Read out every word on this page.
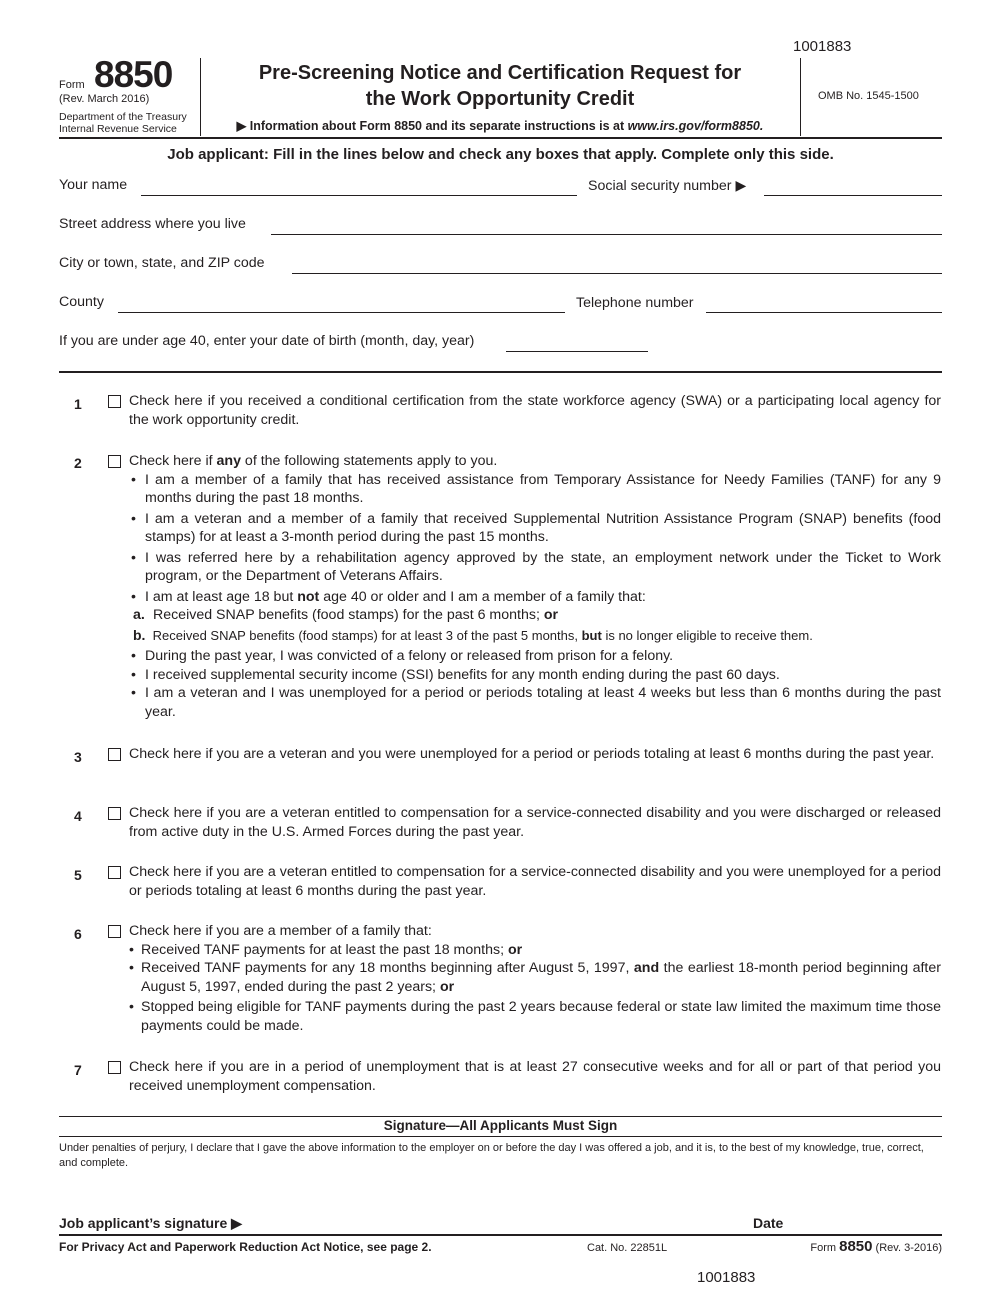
1001883
Form 8850
(Rev. March 2016)
Department of the Treasury
Internal Revenue Service
Pre-Screening Notice and Certification Request for
the Work Opportunity Credit
▶ Information about Form 8850 and its separate instructions is at www.irs.gov/form8850.
OMB No. 1545-1500
Job applicant: Fill in the lines below and check any boxes that apply. Complete only this side.
Your name	Social security number ▶
Street address where you live
City or town, state, and ZIP code
County	Telephone number
If you are under age 40, enter your date of birth (month, day, year)
1	Check here if you received a conditional certification from the state workforce agency (SWA) or a participating local agency for the work opportunity credit.
2	Check here if any of the following statements apply to you.
• I am a member of a family that has received assistance from Temporary Assistance for Needy Families (TANF) for any 9 months during the past 18 months.
• I am a veteran and a member of a family that received Supplemental Nutrition Assistance Program (SNAP) benefits (food stamps) for at least a 3-month period during the past 15 months.
• I was referred here by a rehabilitation agency approved by the state, an employment network under the Ticket to Work program, or the Department of Veterans Affairs.
• I am at least age 18 but not age 40 or older and I am a member of a family that:
a. Received SNAP benefits (food stamps) for the past 6 months; or
b. Received SNAP benefits (food stamps) for at least 3 of the past 5 months, but is no longer eligible to receive them.
• During the past year, I was convicted of a felony or released from prison for a felony.
• I received supplemental security income (SSI) benefits for any month ending during the past 60 days.
• I am a veteran and I was unemployed for a period or periods totaling at least 4 weeks but less than 6 months during the past year.
3	Check here if you are a veteran and you were unemployed for a period or periods totaling at least 6 months during the past year.
4	Check here if you are a veteran entitled to compensation for a service-connected disability and you were discharged or released from active duty in the U.S. Armed Forces during the past year.
5	Check here if you are a veteran entitled to compensation for a service-connected disability and you were unemployed for a period or periods totaling at least 6 months during the past year.
6	Check here if you are a member of a family that:
• Received TANF payments for at least the past 18 months; or
• Received TANF payments for any 18 months beginning after August 5, 1997, and the earliest 18-month period beginning after August 5, 1997, ended during the past 2 years; or
• Stopped being eligible for TANF payments during the past 2 years because federal or state law limited the maximum time those payments could be made.
7	Check here if you are in a period of unemployment that is at least 27 consecutive weeks and for all or part of that period you received unemployment compensation.
Signature—All Applicants Must Sign
Under penalties of perjury, I declare that I gave the above information to the employer on or before the day I was offered a job, and it is, to the best of my knowledge, true, correct, and complete.
Job applicant’s signature ▶	Date
For Privacy Act and Paperwork Reduction Act Notice, see page 2.	Cat. No. 22851L	Form 8850 (Rev. 3-2016)
1001883
